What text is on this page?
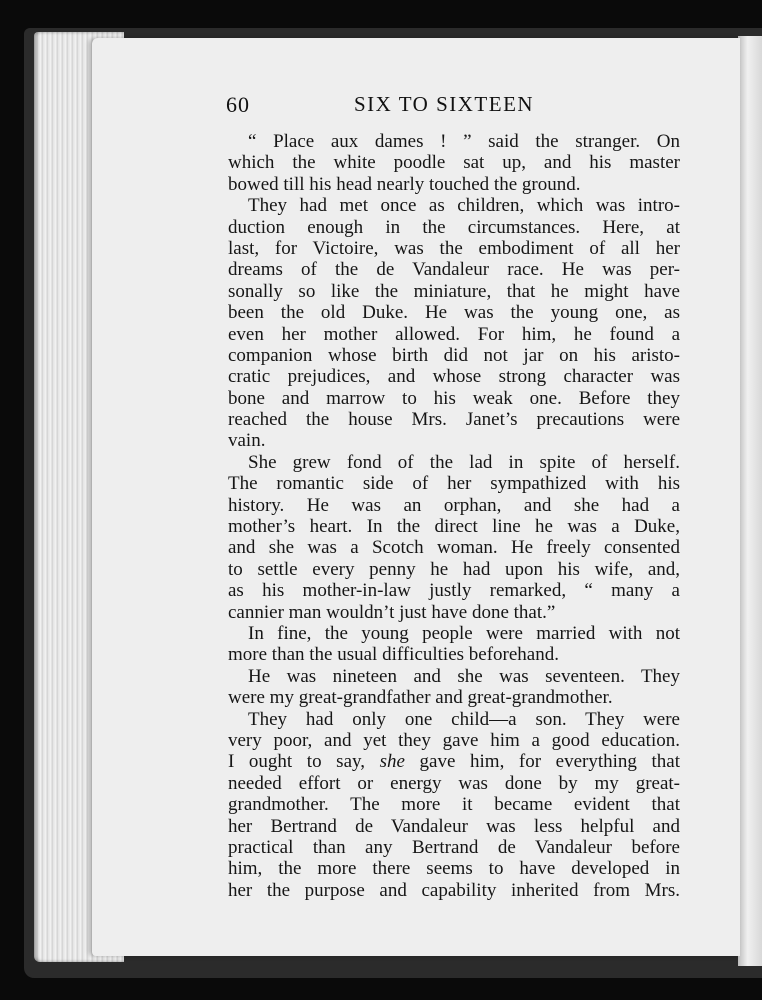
60	SIX TO SIXTEEN
“ Place aux dames ! ” said the stranger. On
which the white poodle sat up, and his master
bowed till his head nearly touched the ground.
They had met once as children, which was intro-
duction enough in the circumstances. Here, at
last, for Victoire, was the embodiment of all her
dreams of the de Vandaleur race. He was per-
sonally so like the miniature, that he might have
been the old Duke. He was the young one, as
even her mother allowed. For him, he found a
companion whose birth did not jar on his aristo-
cratic prejudices, and whose strong character was
bone and marrow to his weak one. Before they
reached the house Mrs. Janet’s precautions were
vain.
She grew fond of the lad in spite of herself.
The romantic side of her sympathized with his
history. He was an orphan, and she had a
mother’s heart. In the direct line he was a Duke,
and she was a Scotch woman. He freely consented
to settle every penny he had upon his wife, and,
as his mother-in-law justly remarked, “ many a
cannier man wouldn’t just have done that.”
In fine, the young people were married with not
more than the usual difficulties beforehand.
He was nineteen and she was seventeen. They
were my great-grandfather and great-grandmother.
They had only one child—a son. They were
very poor, and yet they gave him a good education.
I ought to say, she gave him, for everything that
needed effort or energy was done by my great-
grandmother. The more it became evident that
her Bertrand de Vandaleur was less helpful and
practical than any Bertrand de Vandaleur before
him, the more there seems to have developed in
her the purpose and capability inherited from Mrs.
